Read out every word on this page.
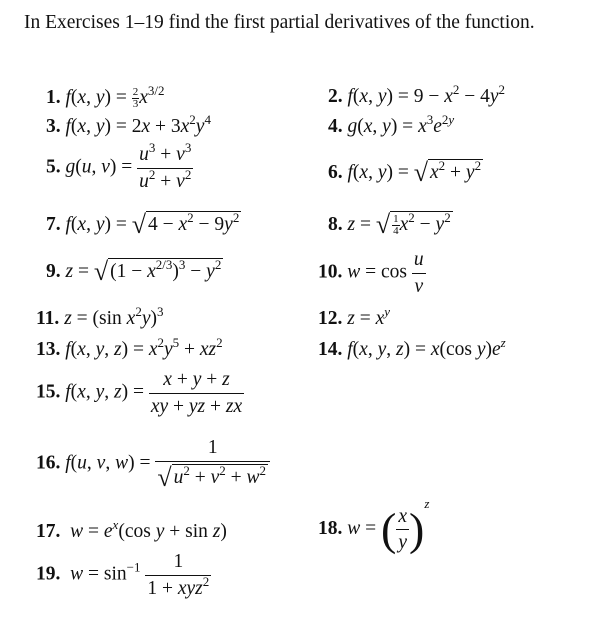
In Exercises 1–19 find the first partial derivatives of the function.
1. f(x, $y) = \frac{2}{3} x^{3/2}$	2. f(x, $y) = 9 - x^2 - 4y^2$
3. f(x, $y) = 2x + 3x^2y^4$	4. g(x, $y) = x^3e^{2y}$
5. g(u, $v) = \frac{u^3 + v^3}{u^2 + v^2}$	6. f(x, y) = √ $x^2 + y^2$
7. f(x, y) = √ $4 - x^2 - 9y^2$	8. z = √ $\frac{1}{4} x^2 - y^2$
9. z = √ $(1 - x^{2/3})^3 - y^2$	10. $w = \cos \frac{u}{v}$
11. z = (sin $x^2y)^3$	12. $z = x^y$
13. f(x, y, $z) = x^2y^5 + xz^2$	14. f(x, y, z) = x(cos $y)e^z$
15. f(x, y, $z) = \frac{x + y + z}{xy + yz + zx}$
16. f(u, v, $w) = \frac{1}{√ u^2 + v^2 + w^2}$
17. $w = e^x(\cos$ y + sin z)	18. w = ( $\frac{x}{y} )^z$
19. $w = \sin^{-1} \frac{1}{1 + xyz^2}$
